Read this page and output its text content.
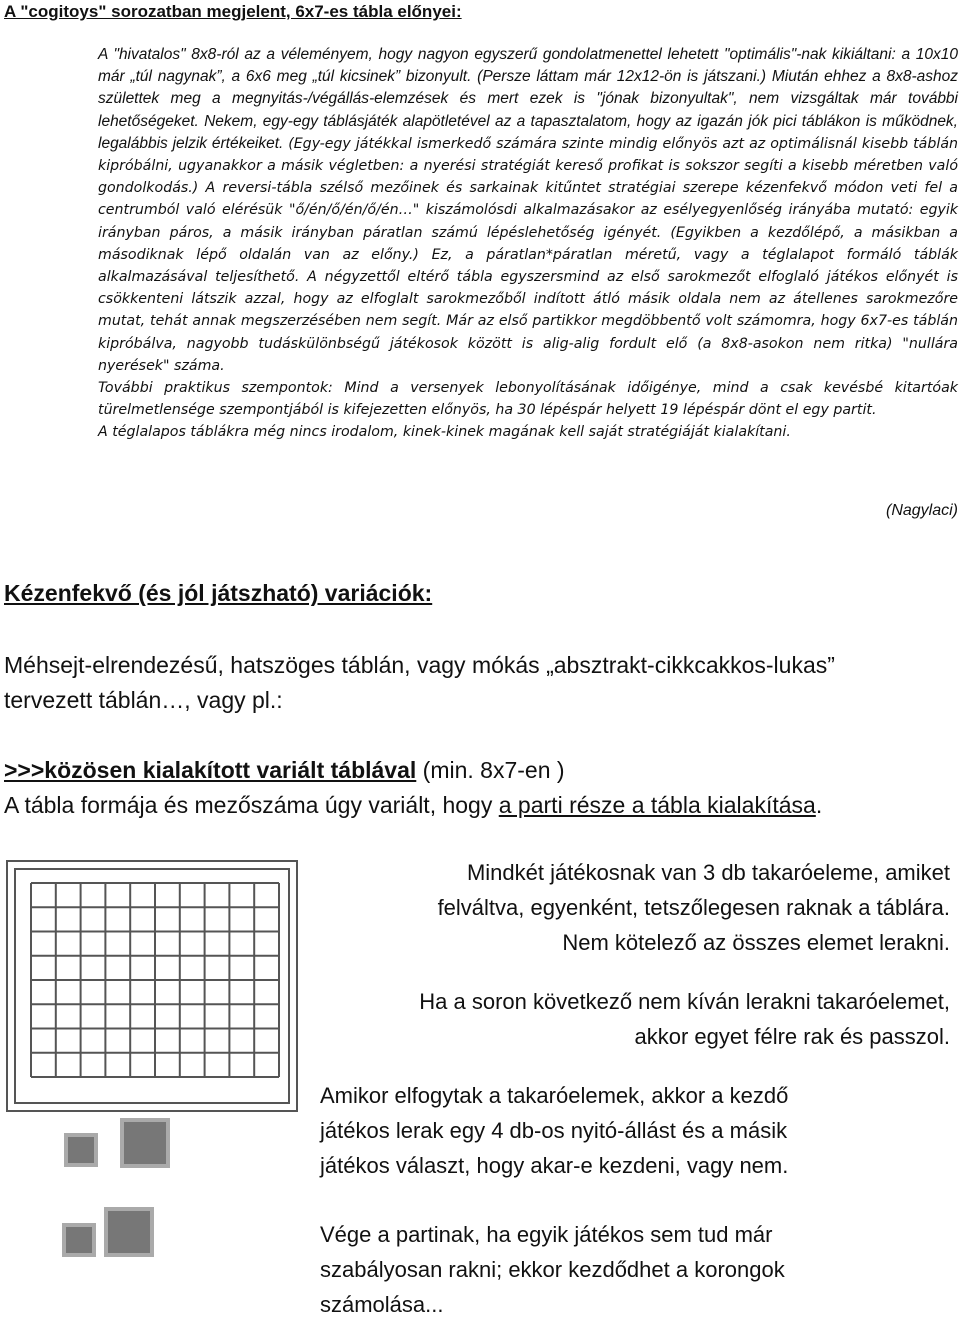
A "cogitoys" sorozatban megjelent, 6x7-es tábla előnyei:

A "hivatalos" 8x8-ról az a véleményem, hogy nagyon egyszerű gondolatmenettel lehetett "optimális"-nak kikiáltani: a 10x10 már „túl nagynak”, a 6x6 meg „túl kicsinek” bizonyult. (Persze láttam már 12x12-ön is játszani.) Miután ehhez a 8x8-ashoz születtek meg a megnyitás-/végállás-elemzések és mert ezek is "jónak bizonyultak", nem vizsgáltak már további lehetőségeket. Nekem, egy-egy táblásjáték alapötletével az a tapasztalatom, hogy az igazán jók pici táblákon is működnek, legalábbis jelzik értékeiket. (Egy-egy játékkal ismerkedő számára szinte mindig előnyös azt az optimálisnál kisebb táblán kipróbálni, ugyanakkor a másik végletben: a nyerési stratégiát kereső profikat is sokszor segíti a kisebb méretben való gondolkodás.) A reversi-tábla szélső mezőinek és sarkainak kitűntet stratégiai szerepe kézenfekvő módon veti fel a centrumból való elérésük "ő/én/ő/én/ő/én…" kiszámolósdi alkalmazásakor az esélyegyenlőség irányába mutató: egyik irányban páros, a másik irányban páratlan számú lépéslehetőség igényét. (Egyikben a kezdőlépő, a másikban a másodiknak lépő oldalán van az előny.) Ez, a páratlan*páratlan méretű, vagy a téglalapot formáló táblák alkalmazásával teljesíthető. A négyzettől eltérő tábla egyszersmind az első sarokmezőt elfoglaló játékos előnyét is csökkenteni látszik azzal, hogy az elfoglalt sarokmezőből indított átló másik oldala nem az átellenes sarokmezőre mutat, tehát annak megszerzésében nem segít. Már az első partikkor megdöbbentő volt számomra, hogy 6x7-es táblán kipróbálva, nagyobb tudáskülönbségű játékosok között is alig-alig fordult elő (a 8x8-asokon nem ritka) "nullára nyerések" száma.

További praktikus szempontok: Mind a versenyek lebonyolításának időigénye, mind a csak kevésbé kitartóak türelmetlensége szempontjából is kifejezetten előnyös, ha 30 lépéspár helyett 19 lépéspár dönt el egy partit.

A téglalapos táblákra még nincs irodalom, kinek-kinek magának kell saját stratégiáját kialakítani.

(Nagylaci)
Kézenfekvő (és jól játszható) variációk:
Méhsejt-elrendezésű, hatszöges táblán, vagy mókás „absztrakt-cikkcakkos-lukas”
tervezett táblán…, vagy pl.:
>>>közösen kialakított variált táblával (min. 8x7-en )
A tábla formája és mezőszáma úgy variált, hogy a parti része a tábla kialakítása.
Mindkét játékosnak van 3 db takaróeleme, amiket
felváltva, egyenként, tetszőlegesen raknak a táblára.
Nem kötelező az összes elemet lerakni.
Ha a soron következő nem kíván lerakni takaróelemet,
akkor egyet félre rak és passzol.
Amikor elfogytak a takaróelemek, akkor a kezdő
játékos lerak egy 4 db-os nyitó-állást és a másik
játékos választ, hogy akar-e kezdeni, vagy nem.
Vége a partinak, ha egyik játékos sem tud már
szabályosan rakni; ekkor kezdődhet a korongok
számolása...
